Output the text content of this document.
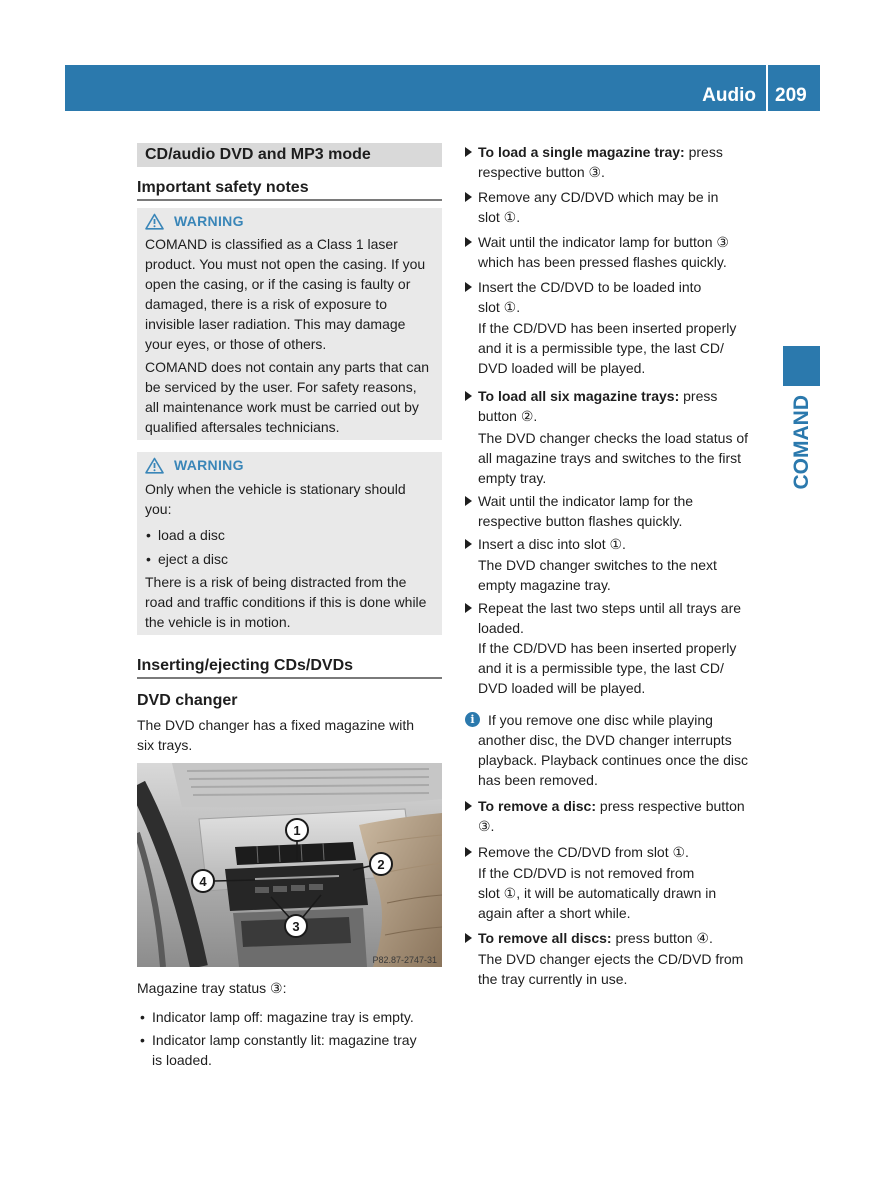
Audio 209
COMAND
CD/audio DVD and MP3 mode
Important safety notes
WARNING
COMAND is classified as a Class 1 laser
product. You must not open the casing. If you
open the casing, or if the casing is faulty or
damaged, there is a risk of exposure to
invisible laser radiation. This may damage
your eyes, or those of others.
COMAND does not contain any parts that can
be serviced by the user. For safety reasons,
all maintenance work must be carried out by
qualified aftersales technicians.
WARNING
Only when the vehicle is stationary should
you:
• load a disc
• eject a disc
There is a risk of being distracted from the
road and traffic conditions if this is done while
the vehicle is in motion.
Inserting/ejecting CDs/DVDs
DVD changer
The DVD changer has a fixed magazine with
six trays.
1
2
3
4
P82.87-2747-31
Magazine tray status ③:
• Indicator lamp off: magazine tray is empty.
• Indicator lamp constantly lit: magazine tray
is loaded.
To load a single magazine tray: press
respective button ③.
Remove any CD/DVD which may be in
slot ①.
Wait until the indicator lamp for button ③
which has been pressed flashes quickly.
Insert the CD/DVD to be loaded into
slot ①.
If the CD/DVD has been inserted properly
and it is a permissible type, the last CD/
DVD loaded will be played.
To load all six magazine trays: press
button ②.
The DVD changer checks the load status of
all magazine trays and switches to the first
empty tray.
Wait until the indicator lamp for the
respective button flashes quickly.
Insert a disc into slot ①.
The DVD changer switches to the next
empty magazine tray.
Repeat the last two steps until all trays are
loaded.
If the CD/DVD has been inserted properly
and it is a permissible type, the last CD/
DVD loaded will be played.
i If you remove one disc while playing
another disc, the DVD changer interrupts
playback. Playback continues once the disc
has been removed.
To remove a disc: press respective button
③.
Remove the CD/DVD from slot ①.
If the CD/DVD is not removed from
slot ①, it will be automatically drawn in
again after a short while.
To remove all discs: press button ④.
The DVD changer ejects the CD/DVD from
the tray currently in use.
